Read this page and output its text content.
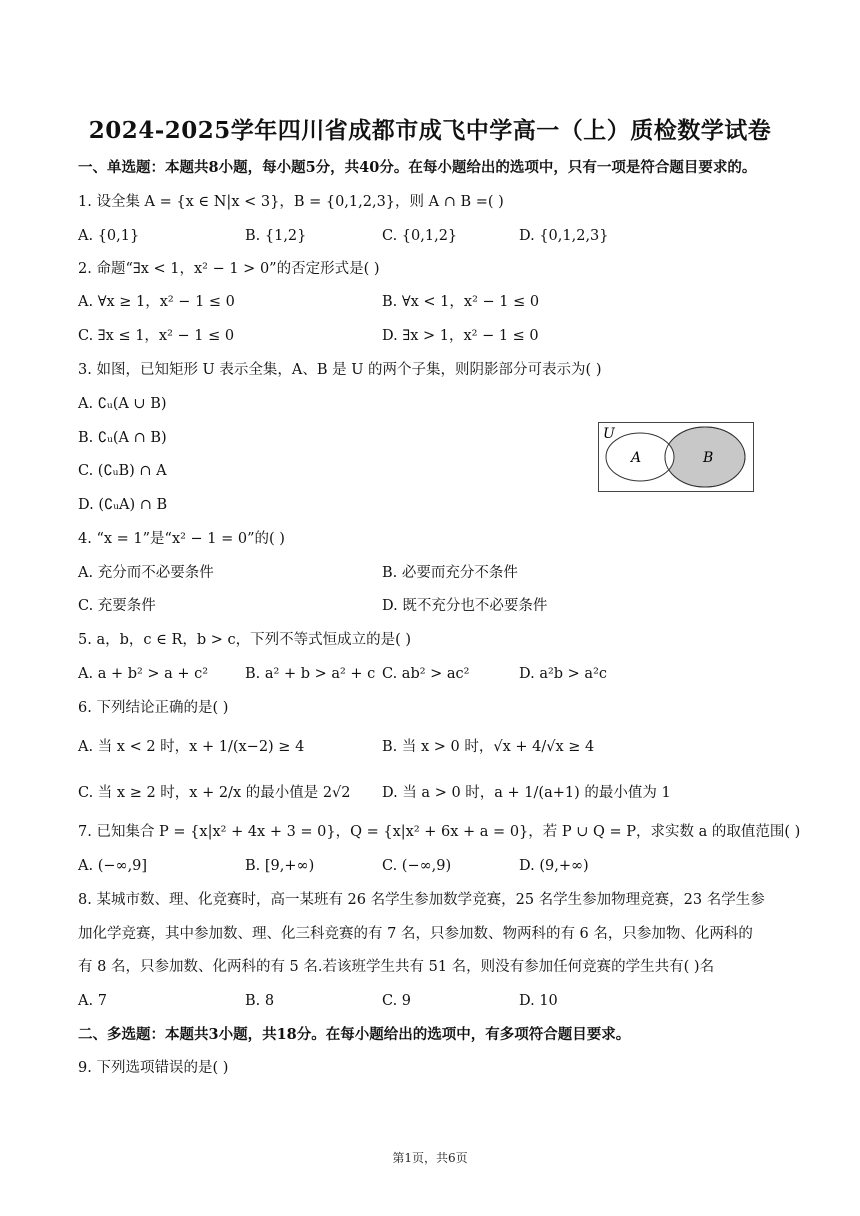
2024-2025学年四川省成都市成飞中学高一（上）质检数学试卷
一、单选题：本题共8小题，每小题5分，共40分。在每小题给出的选项中，只有一项是符合题目要求的。
1. 设全集 A = {x ∈ N|x < 3}，B = {0,1,2,3}，则 A ∩ B =( )
A. {0,1}	B. {1,2}	C. {0,1,2}	D. {0,1,2,3}
2. 命题“∃x < 1，x² − 1 > 0”的否定形式是( )
A. ∀x ≥ 1，x² − 1 ≤ 0	B. ∀x < 1，x² − 1 ≤ 0
C. ∃x ≤ 1，x² − 1 ≤ 0	D. ∃x > 1，x² − 1 ≤ 0
3. 如图，已知矩形 U 表示全集，A、B 是 U 的两个子集，则阴影部分可表示为( )
A. ∁ᵤ(A ∪ B)
B. ∁ᵤ(A ∩ B)
C. (∁ᵤB) ∩ A
D. (∁ᵤA) ∩ B
U
A	B
4. “x = 1”是“x² − 1 = 0”的( )
A. 充分而不必要条件	B. 必要而充分不条件
C. 充要条件	D. 既不充分也不必要条件
5. a，b，c ∈ R，b > c，下列不等式恒成立的是( )
A. a + b² > a + c²	B. a² + b > a² + c C. ab² > ac²	D. a²b > a²c
6. 下列结论正确的是( )
A. 当 x < 2 时，x + 1/(x−2) ≥ 4	B. 当 x > 0 时，√x + 4/√x ≥ 4
C. 当 x ≥ 2 时，x + 2/x 的最小值是 2√2 D. 当 a > 0 时，a + 1/(a+1) 的最小值为 1
7. 已知集合 P = {x|x² + 4x + 3 = 0}，Q = {x|x² + 6x + a = 0}，若 P ∪ Q = P，求实数 a 的取值范围( )
A. (−∞,9]	B. [9,+∞)	C. (−∞,9)	D. (9,+∞)
8. 某城市数、理、化竞赛时，高一某班有 26 名学生参加数学竞赛，25 名学生参加物理竞赛，23 名学生参
加化学竞赛，其中参加数、理、化三科竞赛的有 7 名，只参加数、物两科的有 6 名，只参加物、化两科的
有 8 名，只参加数、化两科的有 5 名.若该班学生共有 51 名，则没有参加任何竞赛的学生共有( )名
A. 7	B. 8	C. 9	D. 10
二、多选题：本题共3小题，共18分。在每小题给出的选项中，有多项符合题目要求。
9. 下列选项错误的是( )
第1页，共6页
